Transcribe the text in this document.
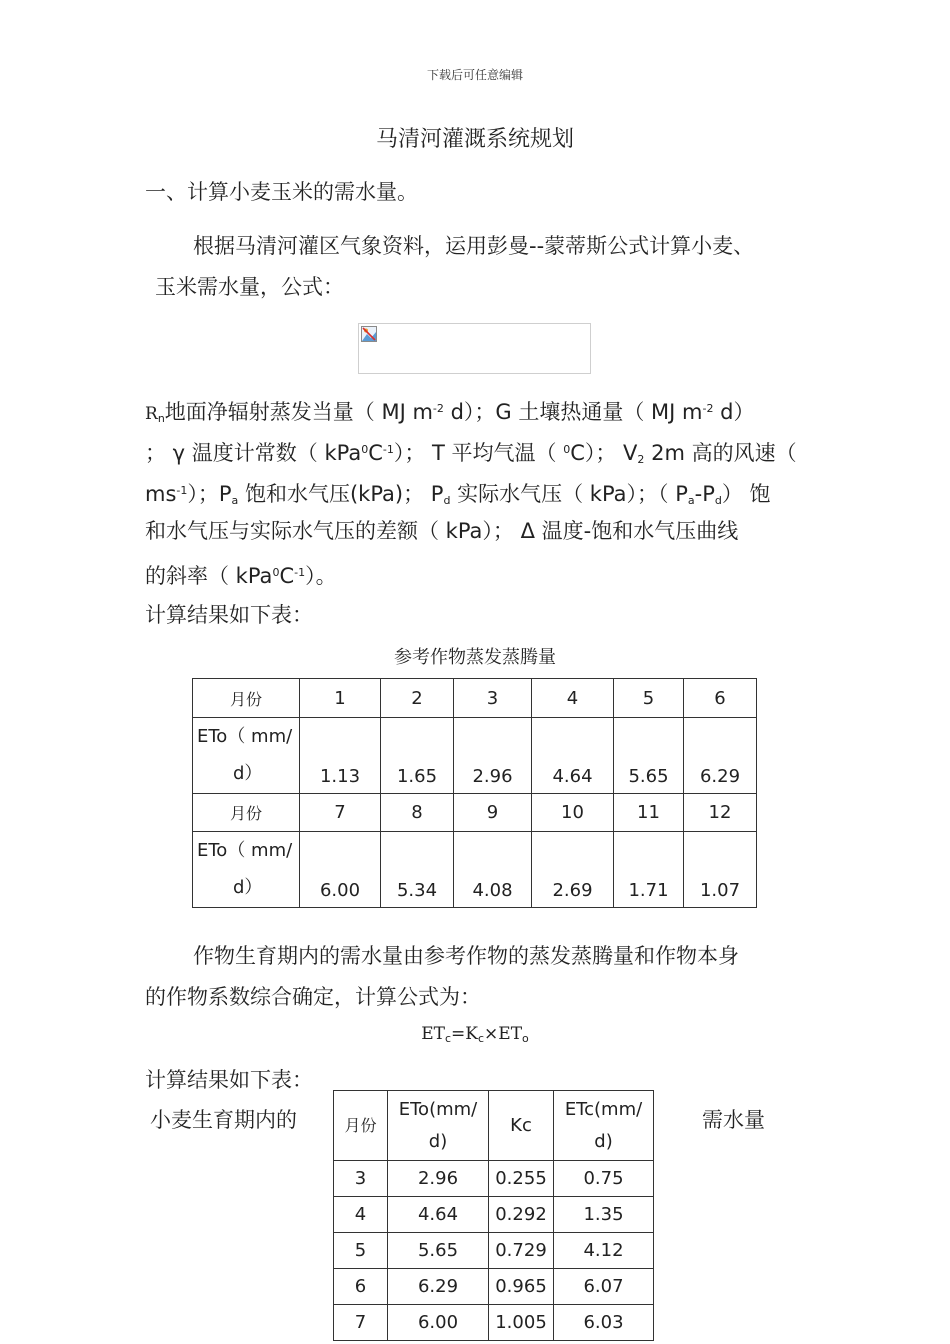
下载后可任意编辑
马清河灌溉系统规划
一、计算小麦玉米的需水量。
根据马清河灌区气象资料，运用彭曼--蒙蒂斯公式计算小麦、
玉米需水量，公式：
$R_n$地面净辐射蒸发当量（ MJ $m^{-2}$ d）；G 土壤热通量（ MJ $m^{-2}$ d）
； γ 温度计常数（ $kPa^0C^{-1}$）； T 平均气温（ $^0$C）； $V_2$ 2m 高的风速（
$ms^{-1}$）；$P_a$ 饱和水气压(kPa)； $P_d$ 实际水气压（ kPa）；（ $P_a-P_d$） 饱
和水气压与实际水气压的差额（ kPa）； Δ 温度-饱和水气压曲线
的斜率（ $kPa^0C^{-1}$）。
计算结果如下表：
参考作物蒸发蒸腾量
月份	1	2	3	4	5	6
ETo（ mm/
d）	1.13	1.65	2.96	4.64	5.65	6.29
月份	7	8	9	10	11	12
ETo（ mm/
d）	6.00	5.34	4.08	2.69	1.71	1.07
作物生育期内的需水量由参考作物的蒸发蒸腾量和作物本身
的作物系数综合确定，计算公式为：
$ET_c=K_c\times ET_o$
计算结果如下表：
小麦生育期内的	需水量
月份	ETo(mm/
d)	Kc	ETc(mm/
d)
3	2.96	0.255	0.75
4	4.64	0.292	1.35
5	5.65	0.729	4.12
6	6.29	0.965	6.07
7	6.00	1.005	6.03
